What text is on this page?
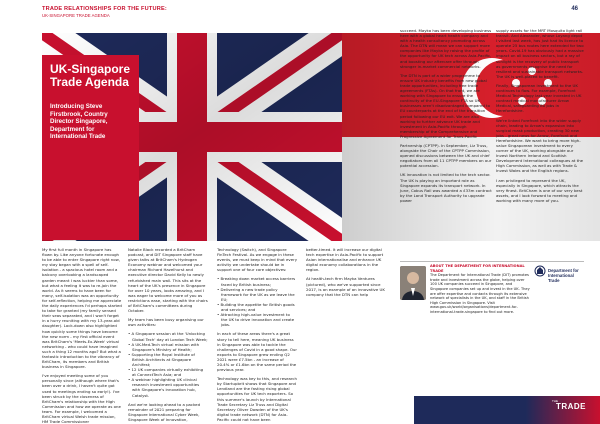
TRADE RELATIONSHIPS FOR THE FUTURE:
UK-SINGAPORE TRADE AGENDA
46
UK-Singapore Trade Agenda
Introducing Steve Firstbrook, Country Director Singapore, Department for International Trade

My first full month in Singapore has flown by. Like anyone fortunate enough to be able to enter Singapore right now, my stay began with a spell of self-isolation - a spacious hotel room and a balcony overlooking a landscaped garden meant I was luckier than some, but what a feeling it was to re-join the world. As it seems to have been for many, self-isolation was an opportunity for self-reflection, helping me appreciate the daily experiences I'd perhaps started to take for granted (my family sensed their seas separated, and I won't forget in a hurry reuniting with my 13-year-old daughter). Lock-down also highlighted how quickly some things have become the new norm - my first official event was BritCham's 'Meets-Ex-Week' virtual networking - who could have imagined such a thing 12 months ago? But what a fantastic introduction to the vibrancy of BritCham, its members and British business in Singapore.

I've enjoyed meeting some of you personally since (although where that's been over a drink, I haven't quite got used to meetings ending so early!). I've been struck by the closeness of BritCham's relationship with the High Commission and how we operate as one team. For example, I welcomed a BritCham virtual Welsh trade mission, HM Trade Commissioner

Natalie Black recorded a BritCham podcast, and DIT Singapore staff have given talks at BritCham's Hydrogen Economy webinar and welcomed your chairman Richard Hazelhurst and executive director David Kelly to newly refurbished main wall. This sits at the heart of the UK's presence in Singapore for over 10 years, looks amazing, and I was eager to welcome more of you as restrictions ease, starting with the chairs of BritCham's committees during October.

My team has been busy organising our own activities:

• A Singapore session at the 'Unlocking Global Tech' day at London Tech Week;
• A UK-Med-Tech virtual mission with Singapore's Ministry of Health;
• Supporting the Royal Institute of British Architects at Singapore Archifest;
• 12 UK companies virtually exhibiting at ConnectTech Asia; and
• A webinar highlighting UK clinical research investment opportunities with Singapore's innovation hub, Catalyst.

And we're looking ahead to a packed remainder of 2021 preparing for Singapore International Cyber Week, Singapore Week of Innovation,

Technology (Switch), and Singapore FinTech Festival. As we engage in these events, we must keep in mind that every activity we undertake should be in support one of four core objectives:

• Breaking down market access barriers faced by British business;
• Delivering a new trade policy framework for the UK as we leave the EU;
• Building the appetite for British goods and services; and
• Attracting high-value investment to the UK to drive innovation and create jobs.

In each of these areas there's a great story to tell here, meaning UK business in Singapore was able to tackle the challenges of Covid in a good shape. Our exports to Singapore grew ending Q2 2021 were £7.5bn - an increase of 20.4% or £1.6bn on the same period the previous year.

Technology was key to this, and research by Startupbrit shows that Singapore and Lendland are the fasting rising global opportunities for UK tech exporters. So this summer's launch by International Trade Secretary Liz Truss and Digital Secretary Oliver Dowden of the UK's digital trade network (DTN) for Asia-Pacific could not have been

better-timed. It will increase our digital tech expertise in Asia-Pacific to support Asian internationalise and enhance UK digital economy collaborations in the region.

At health-tech firm Mayka Ventures (pictured), who we've supported since 2017, is an example of an innovative UK company that the DTN can help

succeed. Mayka has been developing business here with a global heart health company and with a health consultancy promoting across Asia. The DTN will mean we can support more companies like Mayka by raising the profile of the opportunity for UK tech across Asia-Pacific, and boosting our aftercare offer through stronger in-market commercial networks.

The DTN is part of a wider programme to ensure UK industry benefits from new global trade opportunities, including free trade agreements (FTAs). On that front, we are working with Singapore to ensure the continuity of the EU-Singapore FTA so UK businesses aren't disadvantaged compared to EU counterparts at the end of the transition period following our EU exit. We are also working to further advance UK trade and investment in Asia-Pacific through membership of the Comprehensive and Progressive Agreement for Trans-Pacific

Partnership (CPTPP). In September, Liz Truss, alongside the Chair of the CPTPP Commission, opened discussions between the UK and chief negotiators from all 11 CPTPP members on our potential accession.

UK innovation is not limited to the tech sector. The UK is playing an important role as Singapore expands its transport network. In June, Cobus Rail was awarded a £33m contract by the Land Transport Authority to upgrade power

supply assets for the MRT Mosquito light rail transit. And Alexander, whose Loyang depot I visited last week, has just had its licence to operate 25 bus routes here extended for two years. Covid-19 has obviously had a massive impact on all business sectors, but a ray of sunlight is the recovery of public transport as governments recognise the need for resilient and sustainable transport networks. The UK is well-placed to benefit.

Finally, Singaporean investment to the UK continues to flow. For example, Forefront Medical Technology last year invested in UK contract medical manufacturer Arrow Medical, safeguarding 80 jobs in Herefordshire.

We're linked Forefront into the wider supply chain, leading to Arrow's expansion into surgical mask production, creating 30 new jobs - great news for Arrow, Forefront and Herefordshire. We want to bring more high-value Singaporean investment to every corner of the UK, working alongside our Invest Northern Ireland and Scottish Development International colleagues at the High Commission, as well as with Trade & Invest Wales and the English regions.

I am privileged to represent the UK, especially in Singapore, which attracts the very finest. BritCham is one of our very best assets, and I look forward to meeting and working with many more of you.

ABOUT THE DEPARTMENT FOR INTERNATIONAL TRADE
The Department for International Trade (DIT) promotes trade and investment across the globe, helping over 100 UK companies succeed in Singapore, and Singapore companies set up and invest in the UK. They are offer expertise and contacts through its extensive network of specialists in the UK, and staff in the British High Commission in Singapore. Visit www.gov.uk/world/organisations/department-for-international-trade-singapore to find out more.
Department for
International Trade
THE
TRADE
